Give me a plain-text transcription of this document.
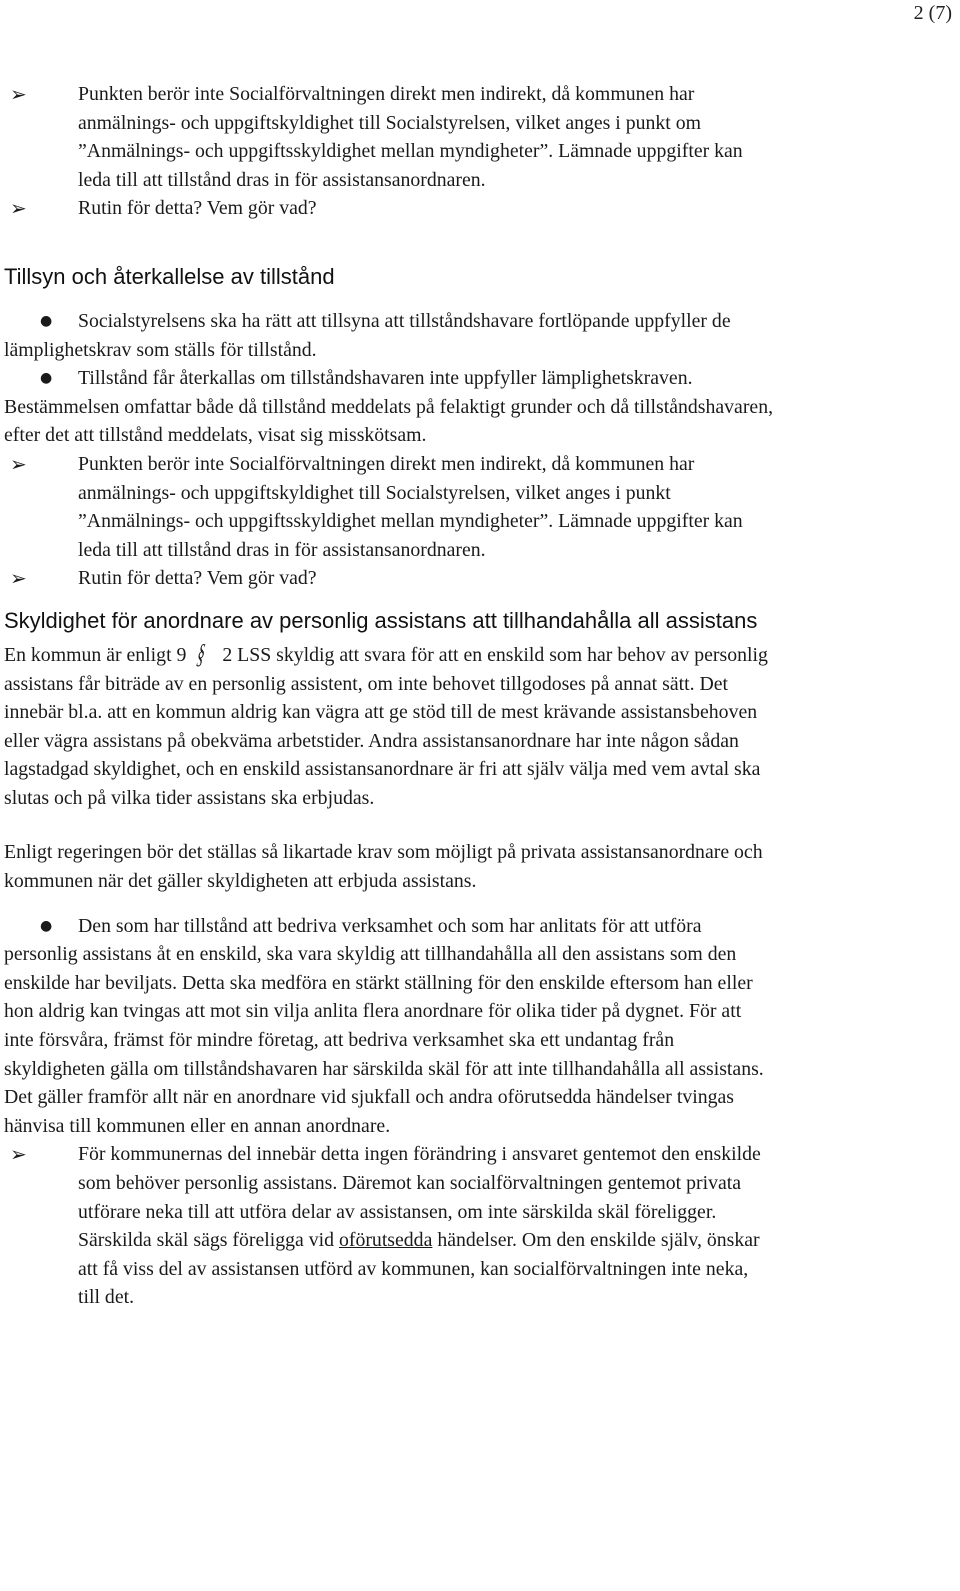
2 (7)
➢	Punkten berör inte Socialförvaltningen direkt men indirekt, då kommunen har anmälnings- och uppgiftskyldighet till Socialstyrelsen, vilket anges i punkt om ”Anmälnings- och uppgiftsskyldighet mellan myndigheter”. Lämnade uppgifter kan leda till att tillstånd dras in för assistansanordnaren.
➢	Rutin för detta? Vem gör vad?
Tillsyn och återkallelse av tillstånd
● Socialstyrelsens ska ha rätt att tillsyna att tillståndshavare fortlöpande uppfyller de lämplighetskrav som ställs för tillstånd.
● Tillstånd får återkallas om tillståndshavaren inte uppfyller lämplighetskraven. Bestämmelsen omfattar både då tillstånd meddelats på felaktigt grunder och då tillståndshavaren, efter det att tillstånd meddelats, visat sig misskötsam.
➢	Punkten berör inte Socialförvaltningen direkt men indirekt, då kommunen har anmälnings- och uppgiftskyldighet till Socialstyrelsen, vilket anges i punkt ”Anmälnings- och uppgiftsskyldighet mellan myndigheter”. Lämnade uppgifter kan leda till att tillstånd dras in för assistansanordnaren.
➢	Rutin för detta? Vem gör vad?
Skyldighet för anordnare av personlig assistans att tillhandahålla all assistans

En kommun är enligt 9 § 2 LSS skyldig att svara för att en enskild som har behov av personlig assistans får biträde av en personlig assistent, om inte behovet tillgodoses på annat sätt. Det innebär bl.a. att en kommun aldrig kan vägra att ge stöd till de mest krävande assistansbehoven eller vägra assistans på obekväma arbetstider. Andra assistansanordnare har inte någon sådan lagstadgad skyldighet, och en enskild assistansanordnare är fri att själv välja med vem avtal ska slutas och på vilka tider assistans ska erbjudas.

Enligt regeringen bör det ställas så likartade krav som möjligt på privata assistansanordnare och kommunen när det gäller skyldigheten att erbjuda assistans.

● Den som har tillstånd att bedriva verksamhet och som har anlitats för att utföra personlig assistans åt en enskild, ska vara skyldig att tillhandahålla all den assistans som den enskilde har beviljats. Detta ska medföra en stärkt ställning för den enskilde eftersom han eller hon aldrig kan tvingas att mot sin vilja anlita flera anordnare för olika tider på dygnet. För att inte försvåra, främst för mindre företag, att bedriva verksamhet ska ett undantag från skyldigheten gälla om tillståndshavaren har särskilda skäl för att inte tillhandahålla all assistans. Det gäller framför allt när en anordnare vid sjukfall och andra oförutsedda händelser tvingas hänvisa till kommunen eller en annan anordnare.
➢	För kommunernas del innebär detta ingen förändring i ansvaret gentemot den enskilde som behöver personlig assistans. Däremot kan socialförvaltningen gentemot privata utförare neka till att utföra delar av assistansen, om inte särskilda skäl föreligger. Särskilda skäl sägs föreligga vid oförutsedda händelser. Om den enskilde själv, önskar att få viss del av assistansen utförd av kommunen, kan socialförvaltningen inte neka, till det.
